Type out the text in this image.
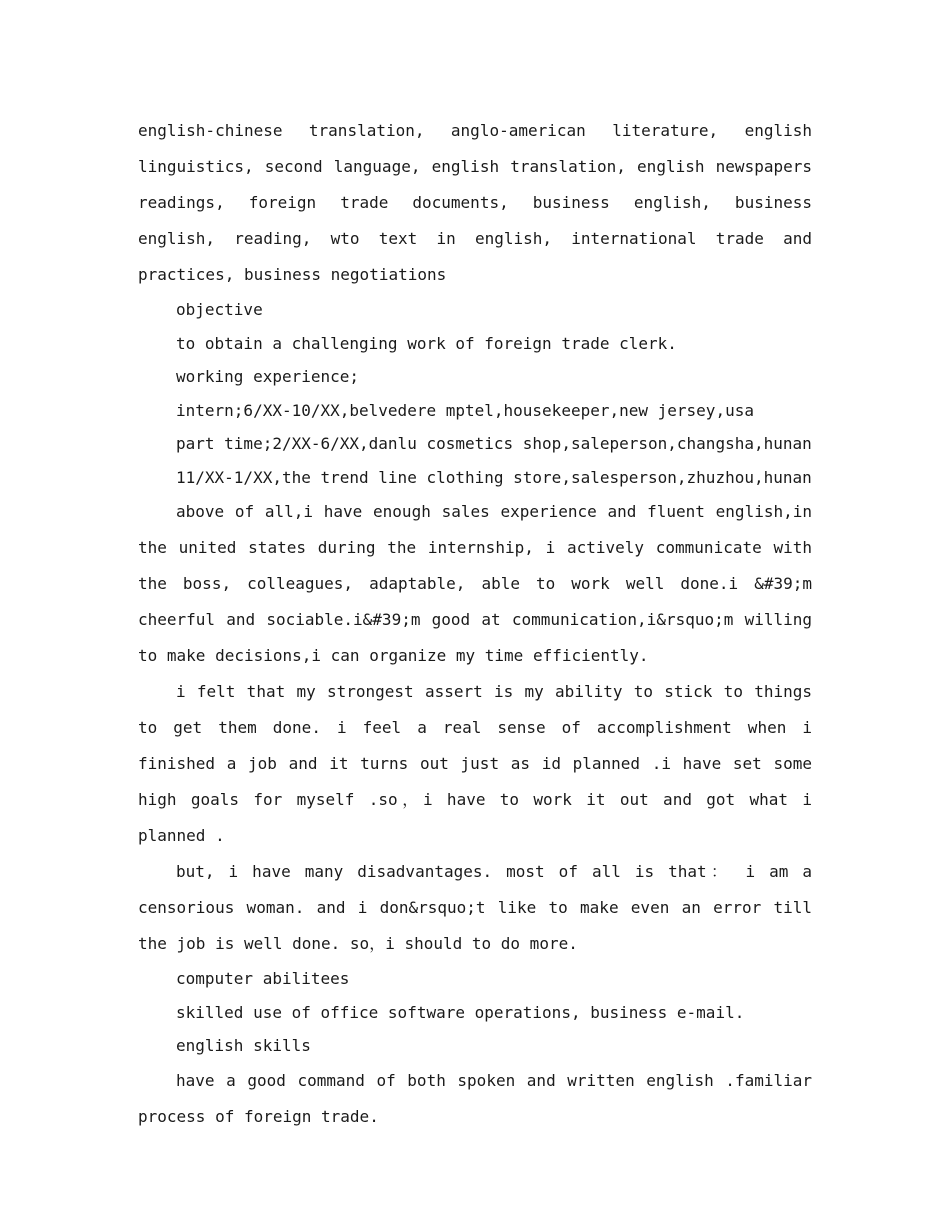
english-chinese translation, anglo-american literature, english linguistics, second language, english translation, english newspapers readings, foreign trade documents, business english, business english, reading, wto text in english, international trade and practices, business negotiations

objective

to obtain a challenging work of foreign trade clerk.

working experience;

intern;6/XX-10/XX,belvedere mptel,housekeeper,new jersey,usa

part time;2/XX-6/XX,danlu cosmetics shop,saleperson,changsha,hunan

11/XX-1/XX,the trend line clothing store,salesperson,zhuzhou,hunan

above of all,i have enough sales experience and fluent english,in the united states during the internship, i actively communicate with the boss, colleagues, adaptable, able to work well done.i &#39;m cheerful and sociable.i&#39;m good at communication,i&rsquo;m willing to make decisions,i can organize my time efficiently.

i felt that my strongest assert is my ability to stick to things to get them done. i feel a real sense of accomplishment when i finished a job and it turns out just as id planned .i have set some high goals for myself .so，i have to work it out and got what i planned .

but, i have many disadvantages. most of all is that： i am a censorious woman. and i don&rsquo;t like to make even an error till the job is well done. so，i should to do more.

computer abilitees

skilled use of office software operations, business e-mail.

english skills

have a good command of both spoken and written english .familiar process of foreign trade.
